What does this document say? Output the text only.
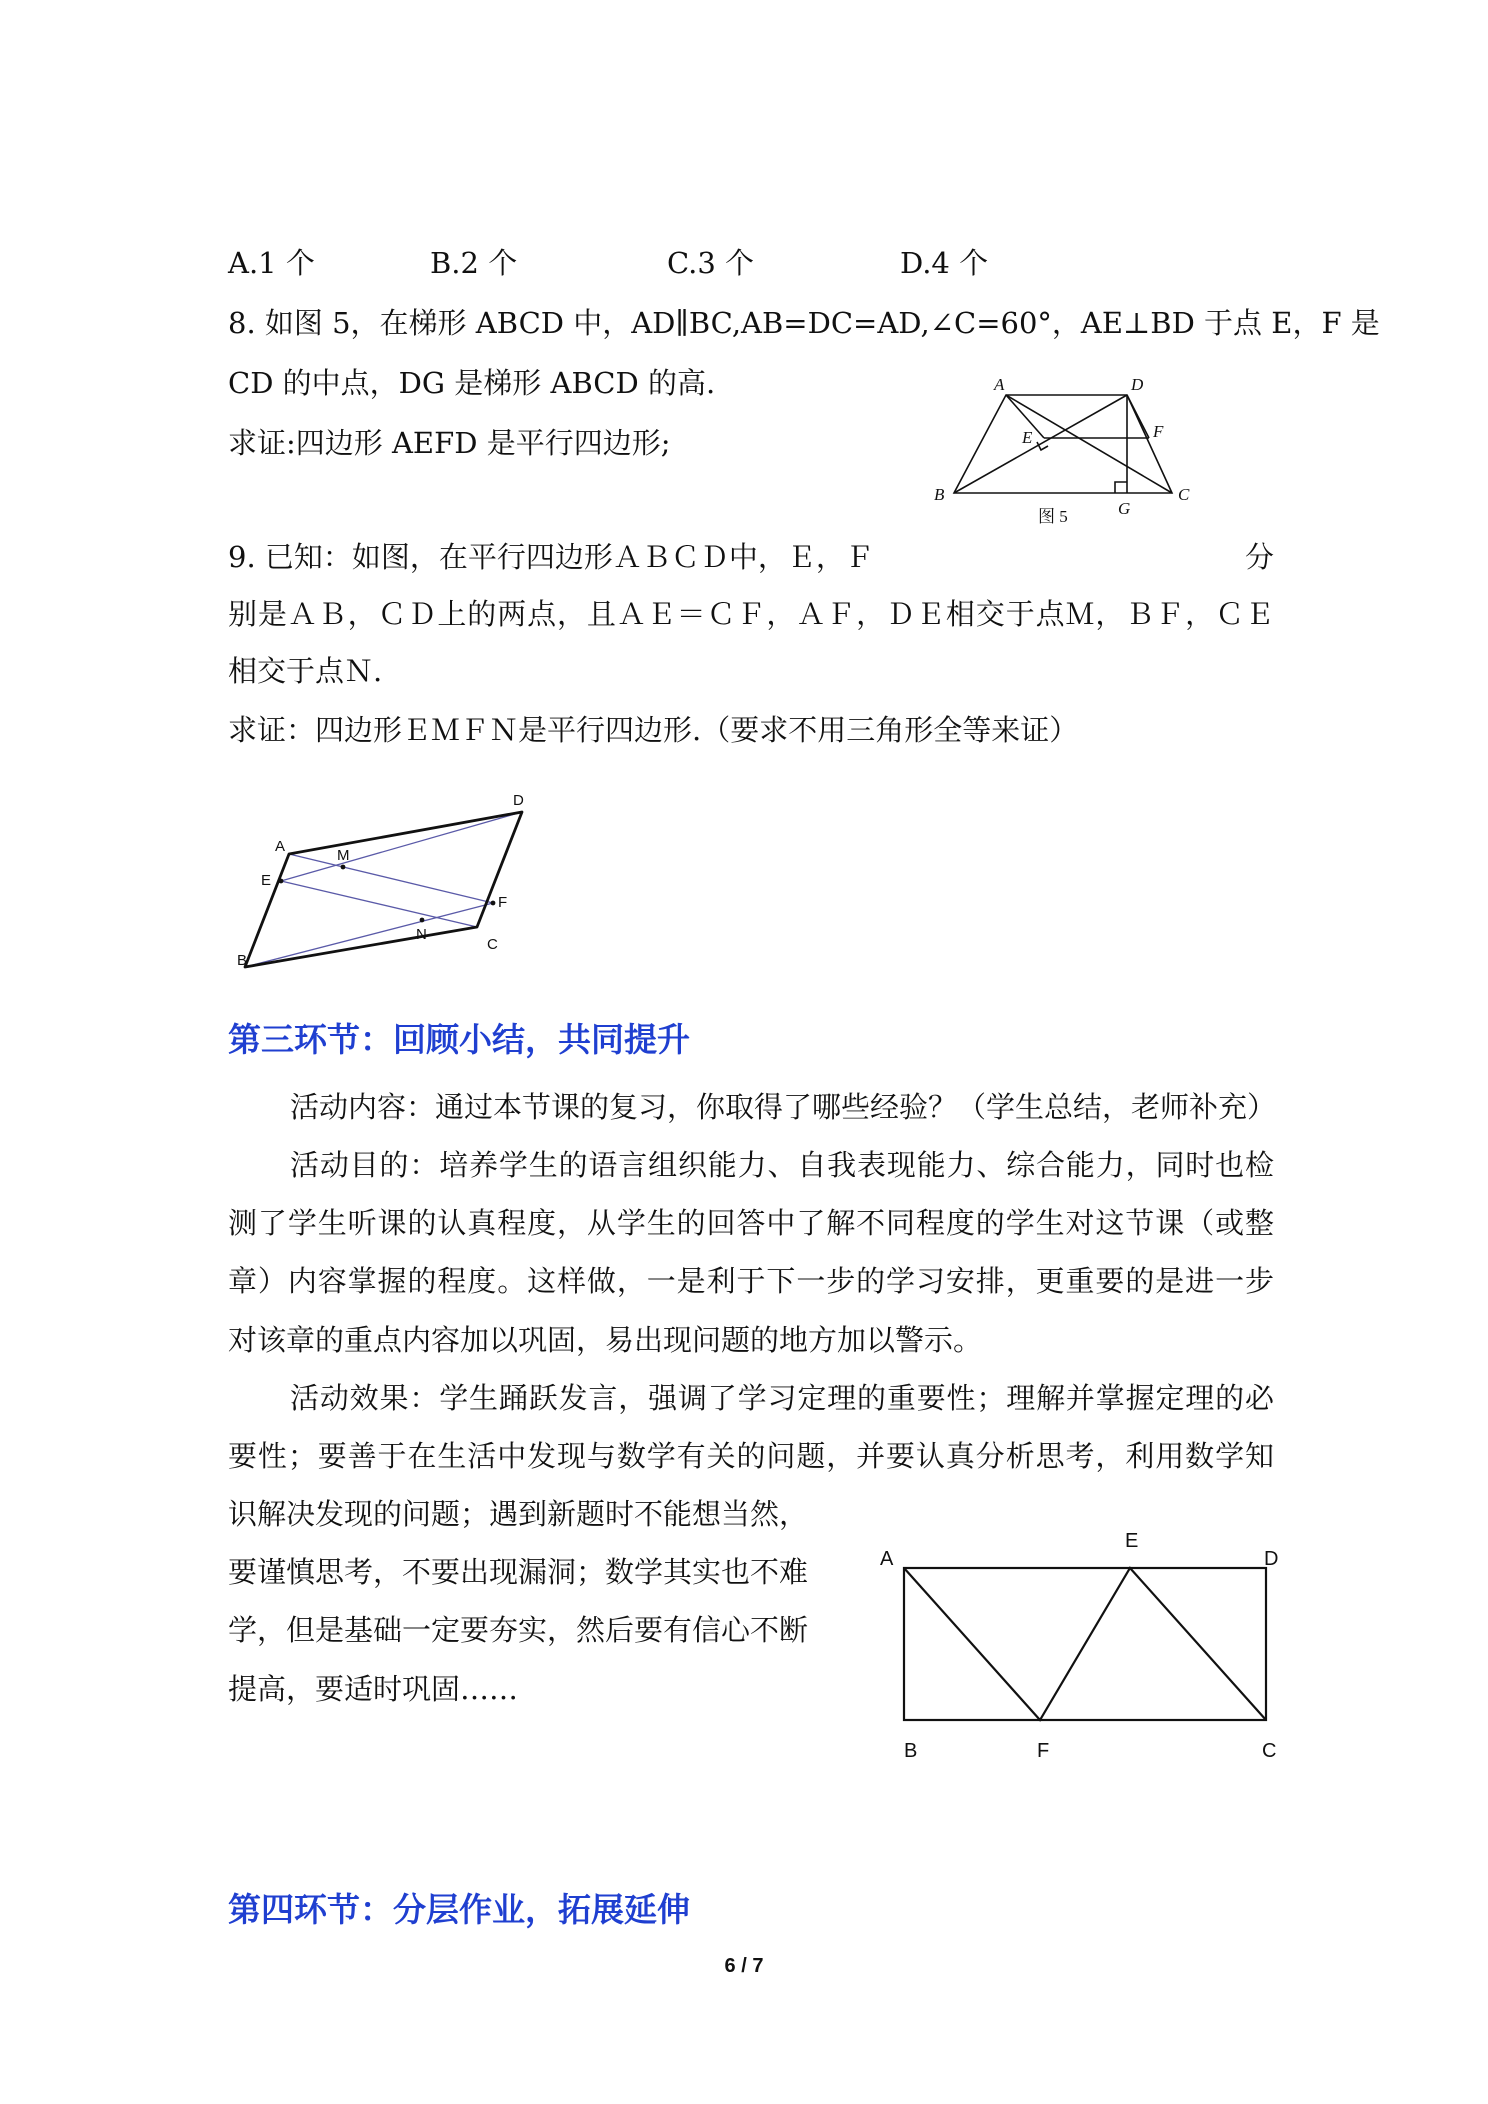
A.1 个	B.2 个	C.3 个	D.4 个
8. 如图 5，在梯形 ABCD 中，AD∥BC,AB=DC=AD,∠C=60°，AE⊥BD 于点 E，F 是
CD 的中点，DG 是梯形 ABCD 的高.
求证:四边形 AEFD 是平行四边形;
A	D
E	F
B
G
C
图 5
9. 已知：如图，在平行四边形ＡＢＣＤ中，Ｅ，Ｆ	分
别是ＡＢ，ＣＤ上的两点，且ＡＥ＝ＣＦ，ＡＦ，ＤＥ相交于点Ｍ，ＢＦ，ＣＥ
相交于点Ｎ.
求证：四边形ＥＭＦＮ是平行四边形.（要求不用三角形全等来证）
D
A
M
E
F
N
C
B
第三环节：回顾小结，共同提升
活动内容：通过本节课的复习，你取得了哪些经验？（学生总结，老师补充）
活动目的：培养学生的语言组织能力、自我表现能力、综合能力，同时也检
测了学生听课的认真程度，从学生的回答中了解不同程度的学生对这节课（或整
章）内容掌握的程度。这样做，一是利于下一步的学习安排，更重要的是进一步
对该章的重点内容加以巩固，易出现问题的地方加以警示。
活动效果：学生踊跃发言，强调了学习定理的重要性；理解并掌握定理的必
要性；要善于在生活中发现与数学有关的问题，并要认真分析思考，利用数学知
识解决发现的问题；遇到新题时不能想当然，
要谨慎思考，不要出现漏洞；数学其实也不难
学，但是基础一定要夯实，然后要有信心不断
提高，要适时巩固……
A
E
D
B	F	C
第四环节：分层作业，拓展延伸
6 / 7
